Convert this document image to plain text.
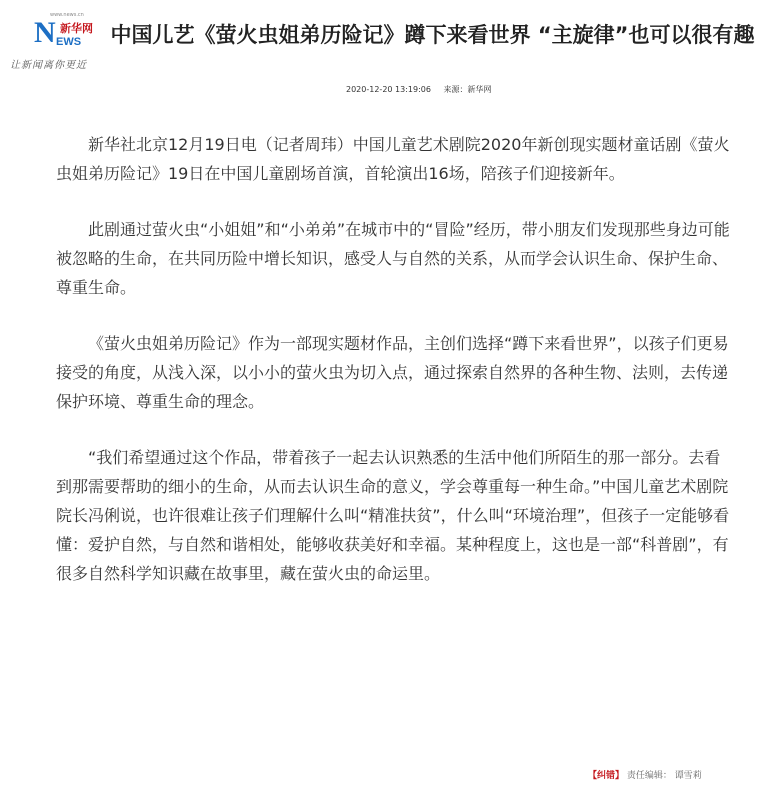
www.news.cn
N 新华网
EWS
让新闻离你更近
中国儿艺《萤火虫姐弟历险记》蹲下来看世界 “主旋律”也可以很有趣
2020-12-20 13:19:06 来源：新华网

新华社北京12月19日电（记者周玮）中国儿童艺术剧院2020年新创现实题材童话剧《萤火虫姐弟历险记》19日在中国儿童剧场首演，首轮演出16场，陪孩子们迎接新年。

此剧通过萤火虫“小姐姐”和“小弟弟”在城市中的“冒险”经历，带小朋友们发现那些身边可能被忽略的生命，在共同历险中增长知识，感受人与自然的关系，从而学会认识生命、保护生命、尊重生命。

《萤火虫姐弟历险记》作为一部现实题材作品，主创们选择“蹲下来看世界”，以孩子们更易接受的角度，从浅入深，以小小的萤火虫为切入点，通过探索自然界的各种生物、法则，去传递保护环境、尊重生命的理念。

“我们希望通过这个作品，带着孩子一起去认识熟悉的生活中他们所陌生的那一部分。去看到那需要帮助的细小的生命，从而去认识生命的意义，学会尊重每一种生命。”中国儿童艺术剧院院长冯俐说，也许很难让孩子们理解什么叫“精准扶贫”，什么叫“环境治理”，但孩子一定能够看懂：爱护自然，与自然和谐相处，能够收获美好和幸福。某种程度上，这也是一部“科普剧”，有很多自然科学知识藏在故事里，藏在萤火虫的命运里。

【纠错】 责任编辑： 谭雪莉
